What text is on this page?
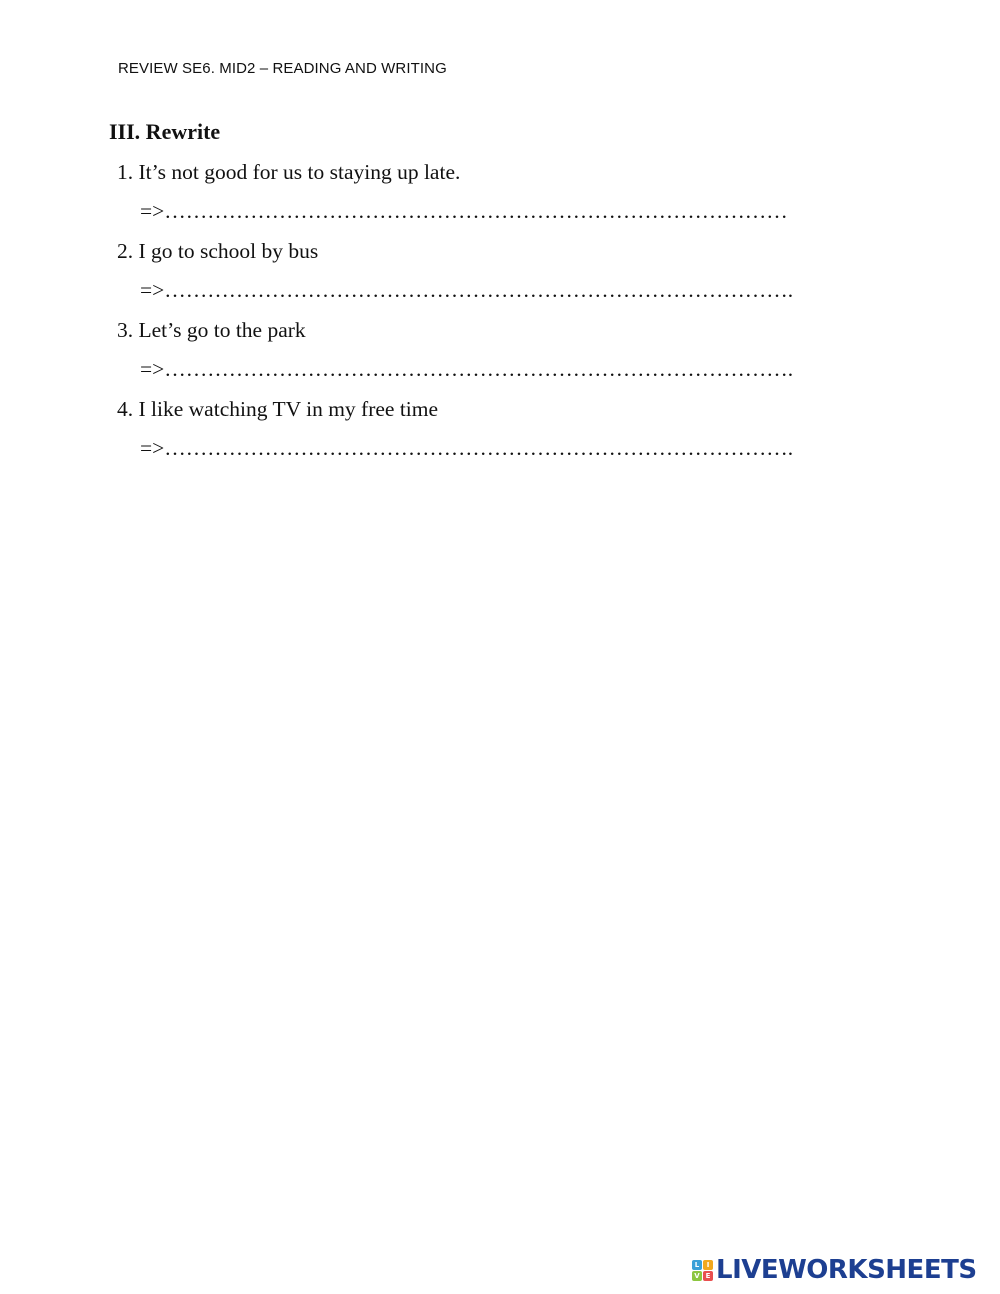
REVIEW SE6. MID2 – READING AND WRITING
III. Rewrite
1. It’s not good for us to staying up late.
=>……………………………………………………………………………
2. I go to school by bus
=>…………………………………………………………………………….
3. Let’s go to the park
=>…………………………………………………………………………….
4. I like watching TV in my free time
=>…………………………………………………………………………….
L	I
V E LIVEWORKSHEETS
